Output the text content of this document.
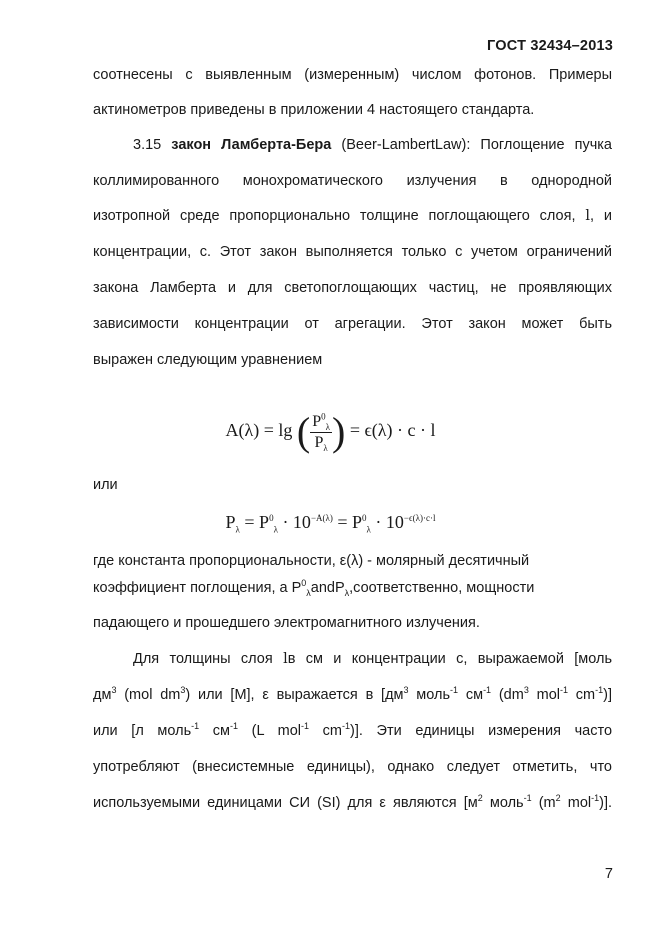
ГОСТ 32434–2013
соотнесены с выявленным (измеренным) числом фотонов. Примеры
актинометров приведены в приложении 4 настоящего стандарта.
3.15 закон Ламберта-Бера (Beer-LambertLaw): Поглощение пучка
коллимированного монохроматического излучения в однородной
изотропной среде пропорционально толщине поглощающего слоя, l, и
концентрации, c. Этот закон выполняется только с учетом ограничений
закона Ламберта и для светопоглощающих частиц, не проявляющих
зависимости концентрации от агрегации. Этот закон может быть
выражен следующим уравнением
A(λ) = lg ( $\frac{P^0_\lambda}{P_\lambda}$ ) = ϵ(λ) · c · l
или
$P_\lambda = P^0_\lambda \cdot 10^{-A(\lambda)} = P^0_\lambda \cdot 10^{-\epsilon(\lambda)\cdot c\cdot l}$
где константа пропорциональности, ε(λ) - молярный десятичный
коэффициент поглощения, а $P^0_\lambda andP_\lambda,соответственно$, мощности
падающего и прошедшего электромагнитного излучения.
Для толщины слоя lв см и концентрации c, выражаемой [моль
$дм^3$ (mol $dm^3$) или [M], ε выражается в [$дм^3$ моль$^{-1}$ $см^{-1}$ ($dm^3$ mol$^{-1}$ $cm^{-1}$)]
или [л моль$^{-1}$ $см^{-1}$ (L mol$^{-1}$ $cm^{-1}$)]. Эти единицы измерения часто
употребляют (внесистемные единицы), однако следует отметить, что
используемыми единицами СИ (SI) для ε являются [$м^2$ моль$^{-1}$ ($m^2$ mol$^{-1}$)].
7
